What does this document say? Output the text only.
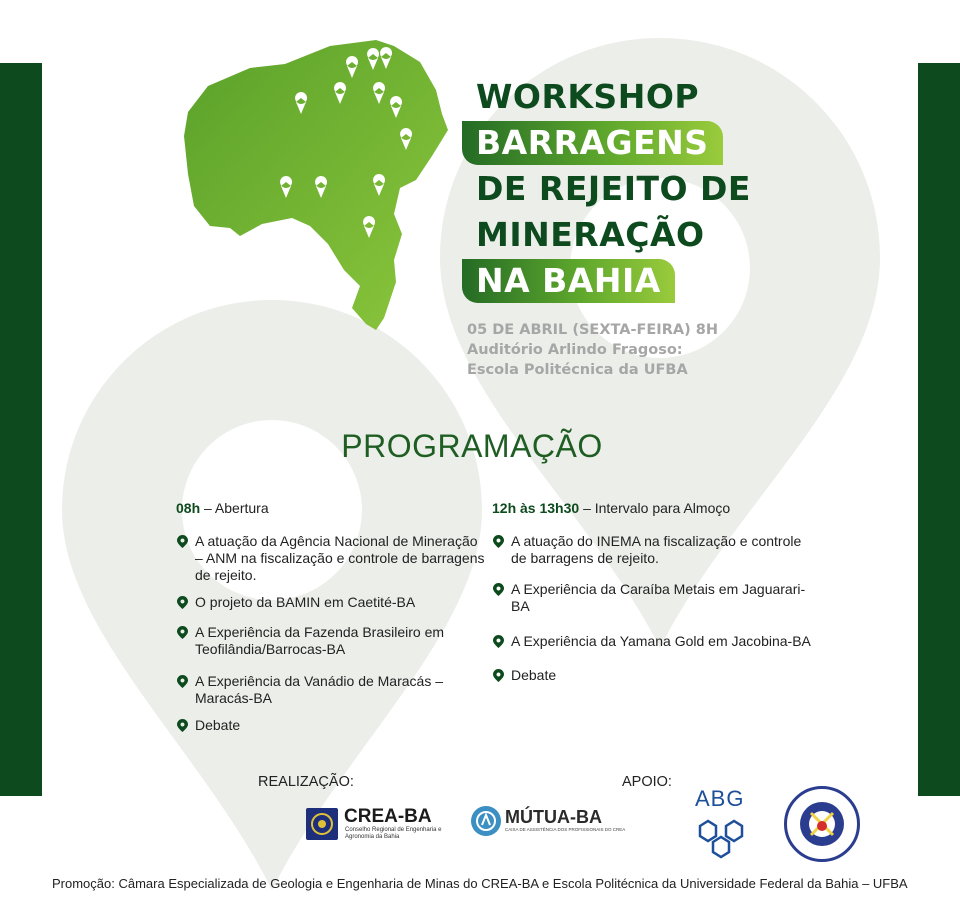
WORKSHOP
BARRAGENS
DE REJEITO DE
MINERAÇÃO
NA BAHIA
05 DE ABRIL (SEXTA-FEIRA) 8H
Auditório Arlindo Fragoso:
Escola Politécnica da UFBA
PROGRAMAÇÃO
08h – Abertura
A atuação da Agência Nacional de Mineração – ANM na fiscalização e controle de barragens de rejeito.
O projeto da BAMIN em Caetité-BA
A Experiência da Fazenda Brasileiro em Teofilândia/Barrocas-BA
A Experiência da Vanádio de Maracás – Maracás-BA
Debate
12h às 13h30 – Intervalo para Almoço
A atuação do INEMA na fiscalização e controle de barragens de rejeito.
A Experiência da Caraíba Metais em Jaguarari-BA
A Experiência da Yamana Gold em Jacobina-BA
Debate
REALIZAÇÃO:	APOIO:
CREA-BA
Conselho Regional de Engenharia e Agronomia da Bahia
MÚTUA-BA
CAIXA DE ASSISTÊNCIA DOS PROFISSIONAIS DO CREA
ABG
Promoção: Câmara Especializada de Geologia e Engenharia de Minas do CREA-BA e Escola Politécnica da Universidade Federal da Bahia – UFBA
